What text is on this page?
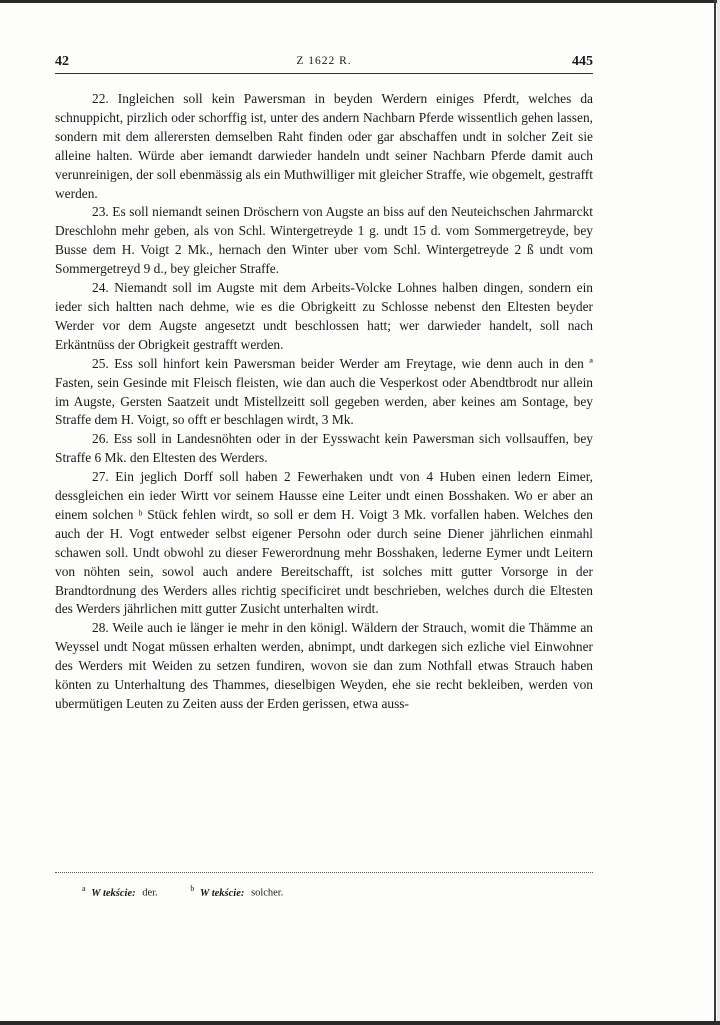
42	Z 1622 R.	445

22. Ingleichen soll kein Pawersman in beyden Werdern einiges Pferdt, welches da schnuppicht, pirzlich oder schorffig ist, unter des andern Nachbarn Pferde wissentlich gehen lassen, sondern mit dem allerersten demselben Raht finden oder gar abschaffen undt in solcher Zeit sie alleine halten. Würde aber iemandt darwieder handeln undt seiner Nachbarn Pferde damit auch verunreinigen, der soll ebenmässig als ein Muthwilliger mit gleicher Straffe, wie obgemelt, gestrafft werden.

23. Es soll niemandt seinen Dröschern von Augste an biss auf den Neuteichschen Jahrmarckt Dreschlohn mehr geben, als von Schl. Wintergetreyde 1 g. undt 15 d. vom Sommergetreyde, bey Busse dem H. Voigt 2 Mk., hernach den Winter uber vom Schl. Wintergetreyde 2 ß undt vom Sommergetreyd 9 d., bey gleicher Straffe.

24. Niemandt soll im Augste mit dem Arbeits-Volcke Lohnes halben dingen, sondern ein ieder sich haltten nach dehme, wie es die Obrigkeitt zu Schlosse nebenst den Eltesten beyder Werder vor dem Augste angesetzt undt beschlossen hatt; wer darwieder handelt, soll nach Erkäntnüss der Obrigkeit gestrafft werden.

25. Ess soll hinfort kein Pawersman beider Werder am Freytage, wie denn auch in den ª Fasten, sein Gesinde mit Fleisch fleisten, wie dan auch die Vesperkost oder Abendtbrodt nur allein im Augste, Gersten Saatzeit undt Mistellzeitt soll gegeben werden, aber keines am Sontage, bey Straffe dem H. Voigt, so offt er beschlagen wirdt, 3 Mk.

26. Ess soll in Landesnöhten oder in der Eysswacht kein Pawersman sich vollsauffen, bey Straffe 6 Mk. den Eltesten des Werders.

27. Ein jeglich Dorff soll haben 2 Fewerhaken undt von 4 Huben einen ledern Eimer, dessgleichen ein ieder Wirtt vor seinem Hausse eine Leiter undt einen Bosshaken. Wo er aber an einem solchen ᵇ Stück fehlen wirdt, so soll er dem H. Voigt 3 Mk. vorfallen haben. Welches den auch der H. Vogt entweder selbst eigener Persohn oder durch seine Diener jährlichen einmahl schawen soll. Undt obwohl zu dieser Fewerordnung mehr Bosshaken, lederne Eymer undt Leitern von nöhten sein, sowol auch andere Bereitschafft, ist solches mitt gutter Vorsorge in der Brandtordnung des Werders alles richtig specificiret undt beschrieben, welches durch die Eltesten des Werders jährlichen mitt gutter Zusicht unterhalten wirdt.

28. Weile auch ie länger ie mehr in den königl. Wäldern der Strauch, womit die Thämme an Weyssel undt Nogat müssen erhalten werden, abnimpt, undt darkegen sich ezliche viel Einwohner des Werders mit Weiden zu setzen fundiren, wovon sie dan zum Nothfall etwas Strauch haben könten zu Unterhaltung des Thammes, dieselbigen Weyden, ehe sie recht bekleiben, werden von ubermütigen Leuten zu Zeiten auss der Erden gerissen, etwa auss-

$^a$ W tekście: der.	$^b$ W tekście: solcher.
